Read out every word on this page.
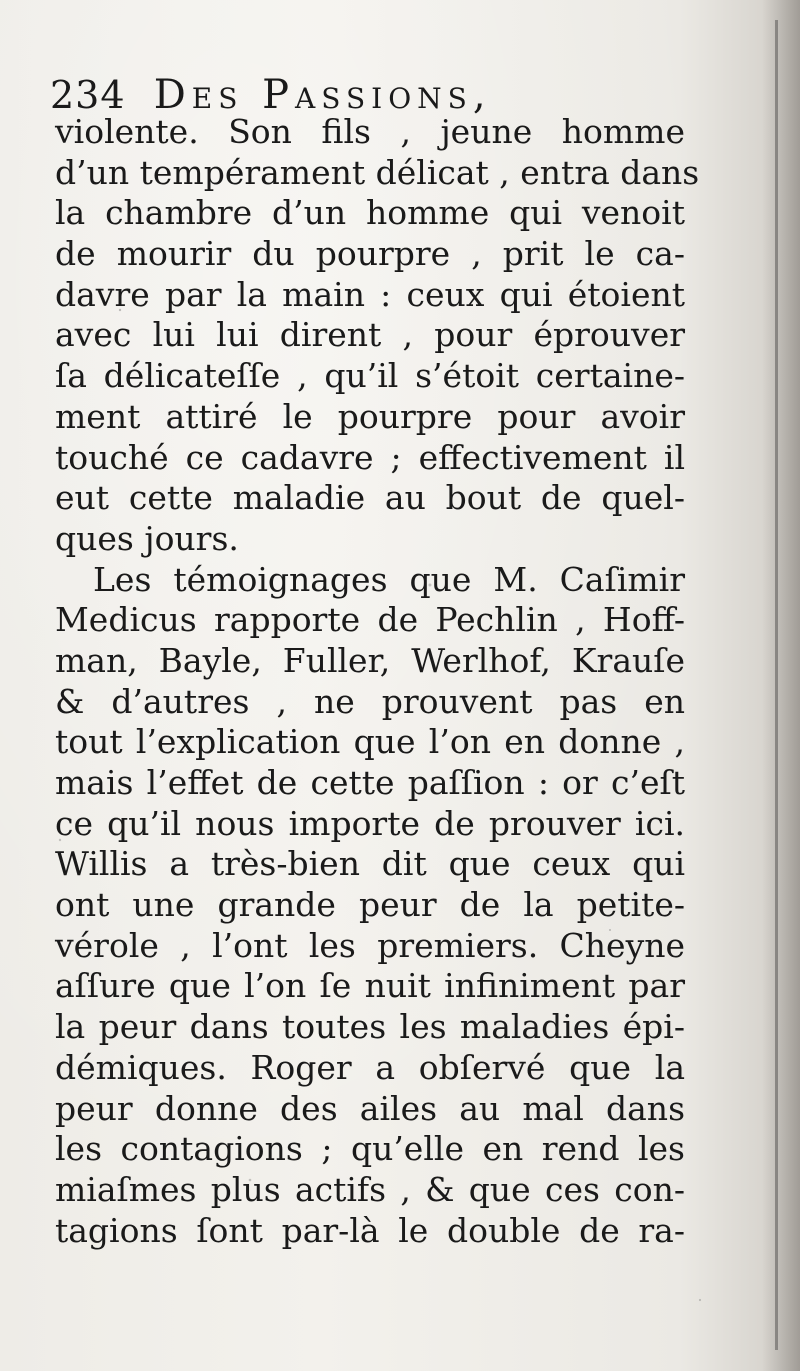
234 Des Passions,
violente. Son fils , jeune homme
d’un tempérament délicat , entra dans
la chambre d’un homme qui venoit
de mourir du pourpre , prit le ca-
davre par la main : ceux qui étoient
avec lui lui dirent , pour éprouver
ſa délicateſſe , qu’il s’étoit certaine-
ment attiré le pourpre pour avoir
touché ce cadavre ; effectivement il
eut cette maladie au bout de quel-
ques jours.
Les témoignages que M. Caſimir
Medicus rapporte de Pechlin , Hoff-
man, Bayle, Fuller, Werlhof, Krauſe
& d’autres , ne prouvent pas en
tout l’explication que l’on en donne ,
mais l’effet de cette paſſion : or c’eſt
ce qu’il nous importe de prouver ici.
Willis a très-bien dit que ceux qui
ont une grande peur de la petite-
vérole , l’ont les premiers. Cheyne
aſſure que l’on ſe nuit infiniment par
la peur dans toutes les maladies épi-
démiques. Roger a obſervé que la
peur donne des ailes au mal dans
les contagions ; qu’elle en rend les
miaſmes plus actifs , & que ces con-
tagions ſont par-là le double de ra-
